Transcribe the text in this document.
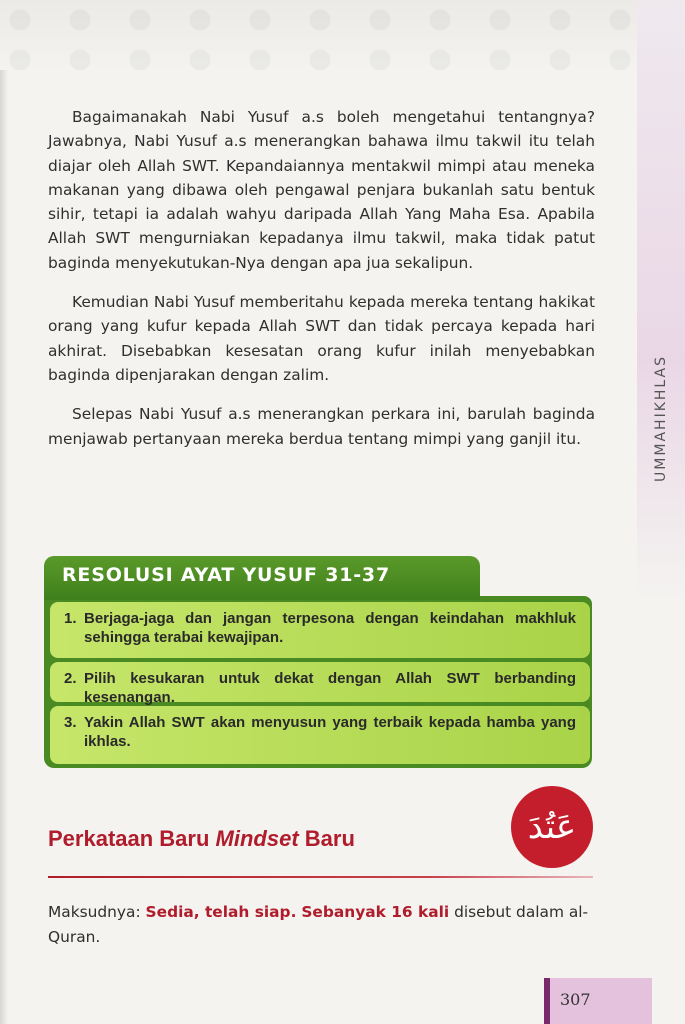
UMMAHIKHLAS

Bagaimanakah Nabi Yusuf a.s boleh mengetahui tentangnya? Jawabnya, Nabi Yusuf a.s menerangkan bahawa ilmu takwil itu telah diajar oleh Allah SWT. Kepandaiannya mentakwil mimpi atau meneka makanan yang dibawa oleh pengawal penjara bukanlah satu bentuk sihir, tetapi ia adalah wahyu daripada Allah Yang Maha Esa. Apabila Allah SWT mengurniakan kepadanya ilmu takwil, maka tidak patut baginda menyekutukan-Nya dengan apa jua sekalipun.

Kemudian Nabi Yusuf memberitahu kepada mereka tentang hakikat orang yang kufur kepada Allah SWT dan tidak percaya kepada hari akhirat. Disebabkan kesesatan orang kufur inilah menyebabkan baginda dipenjarakan dengan zalim.

Selepas Nabi Yusuf a.s menerangkan perkara ini, barulah baginda menjawab pertanyaan mereka berdua tentang mimpi yang ganjil itu.

RESOLUSI AYAT YUSUF 31-37
1. Berjaga-jaga dan jangan terpesona dengan keindahan makhluk sehingga terabai kewajipan.
2. Pilih kesukaran untuk dekat dengan Allah SWT berbanding kesenangan.
3. Yakin Allah SWT akan menyusun yang terbaik kepada hamba yang ikhlas.
Perkataan Baru Mindset Baru	عَتُدَ
Maksudnya: Sedia, telah siap. Sebanyak 16 kali disebut dalam al-Quran.
307
